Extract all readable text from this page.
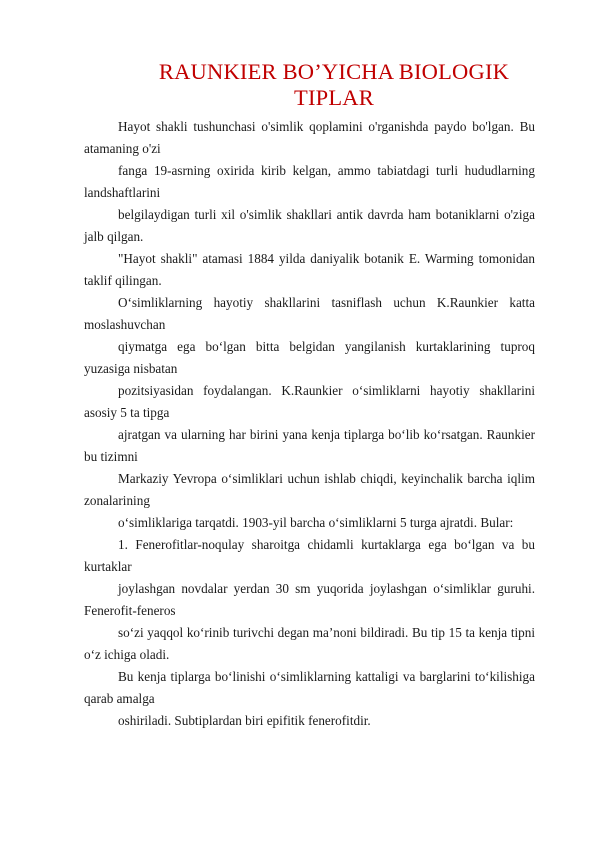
RAUNKIER BO’YICHA BIOLOGIK
TIPLAR
Hayot shakli tushunchasi o'simlik qoplamini o'rganishda paydo bo'lgan. Bu
atamaning o'zi
fanga 19-asrning oxirida kirib kelgan, ammo tabiatdagi turli hududlarning
landshaftlarini
belgilaydigan turli xil o'simlik shakllari antik davrda ham botaniklarni o'ziga
jalb qilgan.
"Hayot shakli" atamasi 1884 yilda daniyalik botanik E. Warming tomonidan
taklif qilingan.
O‘simliklarning hayotiy shakllarini tasniflash uchun K.Raunkier katta
moslashuvchan
qiymatga ega bo‘lgan bitta belgidan yangilanish kurtaklarining tuproq
yuzasiga nisbatan
pozitsiyasidan foydalangan. K.Raunkier o‘simliklarni hayotiy shakllarini
asosiy 5 ta tipga
ajratgan va ularning har birini yana kenja tiplarga bo‘lib ko‘rsatgan. Raunkier
bu tizimni
Markaziy Yevropa o‘simliklari uchun ishlab chiqdi, keyinchalik barcha iqlim
zonalarining
o‘simliklariga tarqatdi. 1903-yil barcha o‘simliklarni 5 turga ajratdi. Bular:
1. Fenerofitlar-noqulay sharoitga chidamli kurtaklarga ega bo‘lgan va bu
kurtaklar
joylashgan novdalar yerdan 30 sm yuqorida joylashgan o‘simliklar guruhi.
Fenerofit-feneros
so‘zi yaqqol ko‘rinib turivchi degan ma’noni bildiradi. Bu tip 15 ta kenja tipni
o‘z ichiga oladi.
Bu kenja tiplarga bo‘linishi o‘simliklarning kattaligi va barglarini to‘kilishiga
qarab amalga
oshiriladi. Subtiplardan biri epifitik fenerofitdir.
